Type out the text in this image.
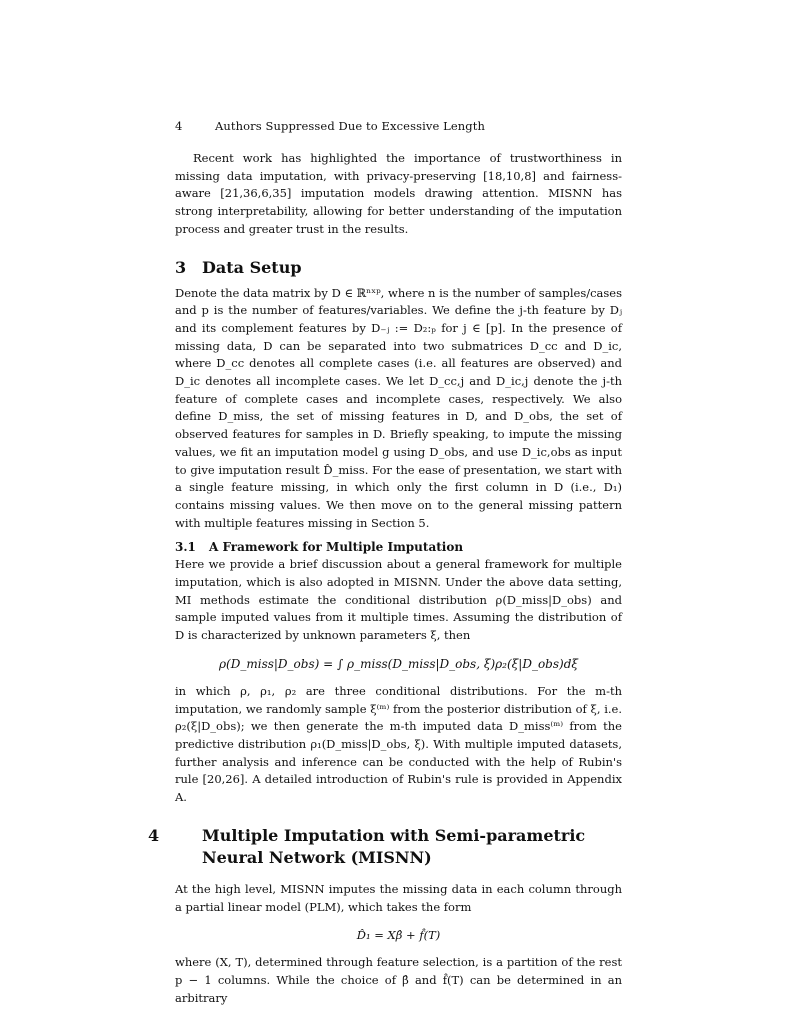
4	Authors Suppressed Due to Excessive Length

Recent work has highlighted the importance of trustworthiness in missing data imputation, with privacy-preserving [18,10,8] and fairness-aware [21,36,6,35] imputation models drawing attention. MISNN has strong interpretability, allowing for better understanding of the imputation process and greater trust in the results.

3 Data Setup

Denote the data matrix by D ∈ ℝⁿˣᵖ, where n is the number of samples/cases and p is the number of features/variables. We define the j-th feature by Dⱼ and its complement features by D₋ⱼ := D₂:ₚ for j ∈ [p]. In the presence of missing data, D can be separated into two submatrices D_cc and D_ic, where D_cc denotes all complete cases (i.e. all features are observed) and D_ic denotes all incomplete cases. We let D_cc,j and D_ic,j denote the j-th feature of complete cases and incomplete cases, respectively. We also define D_miss, the set of missing features in D, and D_obs, the set of observed features for samples in D. Briefly speaking, to impute the missing values, we fit an imputation model g using D_obs, and use D_ic,obs as input to give imputation result D̂_miss. For the ease of presentation, we start with a single feature missing, in which only the first column in D (i.e., D₁) contains missing values. We then move on to the general missing pattern with multiple features missing in Section 5.

3.1 A Framework for Multiple Imputation

Here we provide a brief discussion about a general framework for multiple imputation, which is also adopted in MISNN. Under the above data setting, MI methods estimate the conditional distribution ρ(D_miss|D_obs) and sample imputed values from it multiple times. Assuming the distribution of D is characterized by unknown parameters ξ, then

ρ(D_miss|D_obs) = ∫ ρ_miss(D_miss|D_obs, ξ)ρ₂(ξ|D_obs)dξ

in which ρ, ρ₁, ρ₂ are three conditional distributions. For the m-th imputation, we randomly sample ξ⁽ᵐ⁾ from the posterior distribution of ξ, i.e. ρ₂(ξ|D_obs); we then generate the m-th imputed data D_miss⁽ᵐ⁾ from the predictive distribution ρ₁(D_miss|D_obs, ξ). With multiple imputed datasets, further analysis and inference can be conducted with the help of Rubin's rule [20,26]. A detailed introduction of Rubin's rule is provided in Appendix A.

4	Multiple Imputation with Semi-parametric Neural Network (MISNN)

At the high level, MISNN imputes the missing data in each column through a partial linear model (PLM), which takes the form

D̂₁ = Xβ̂ + f̂(T)

where (X, T), determined through feature selection, is a partition of the rest p − 1 columns. While the choice of β̂ and f̂(T) can be determined in an arbitrary
